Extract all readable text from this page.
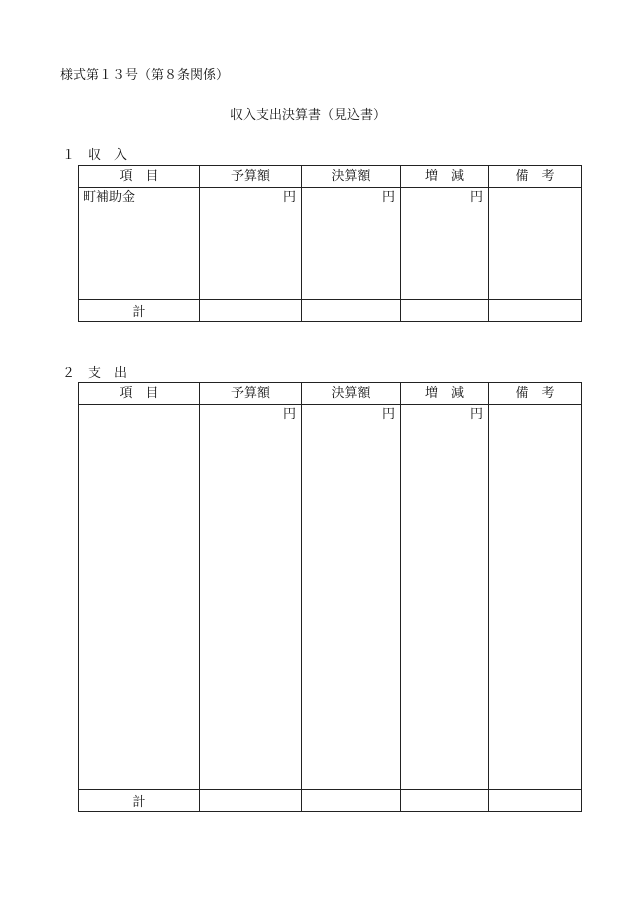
様式第１３号（第８条関係）
収入支出決算書（見込書）
１　収　入
項　目	予算額	決算額	増　減	備　考
町補助金	円	円	円	
計				
２　支　出
項　目	予算額	決算額	増　減	備　考
	円	円	円	
計				
